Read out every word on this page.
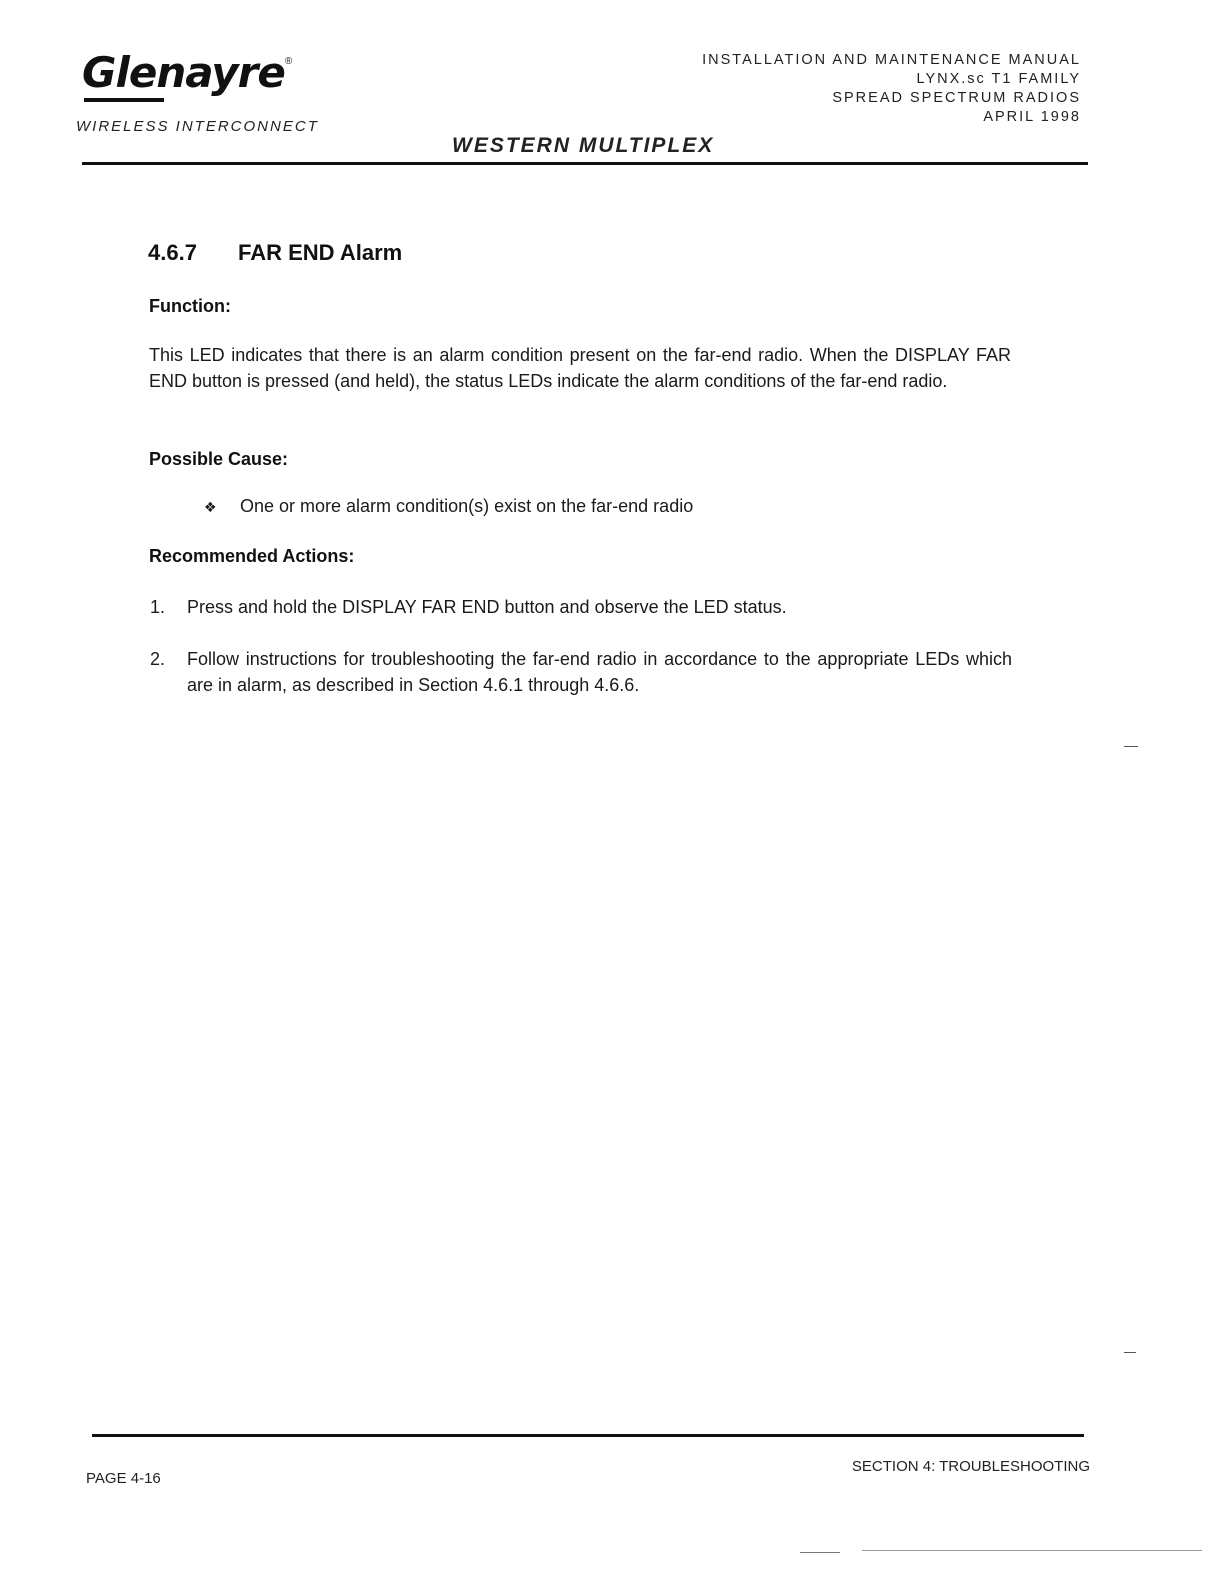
Glenayre®
WIRELESS INTERCONNECT
INSTALLATION AND MAINTENANCE MANUAL
LYNX.sc T1 FAMILY
SPREAD SPECTRUM RADIOS
APRIL 1998
WESTERN MULTIPLEX
4.6.7 FAR END Alarm
Function:
This LED indicates that there is an alarm condition present on the far-end radio. When the DISPLAY FAR END button is pressed (and held), the status LEDs indicate the alarm conditions of the far-end radio.
Possible Cause:
❖ One or more alarm condition(s) exist on the far-end radio
Recommended Actions:
1.	Press and hold the DISPLAY FAR END button and observe the LED status.
2.	Follow instructions for troubleshooting the far-end radio in accordance to the appropriate LEDs which are in alarm, as described in Section 4.6.1 through 4.6.6.
PAGE 4-16
SECTION 4: TROUBLESHOOTING
